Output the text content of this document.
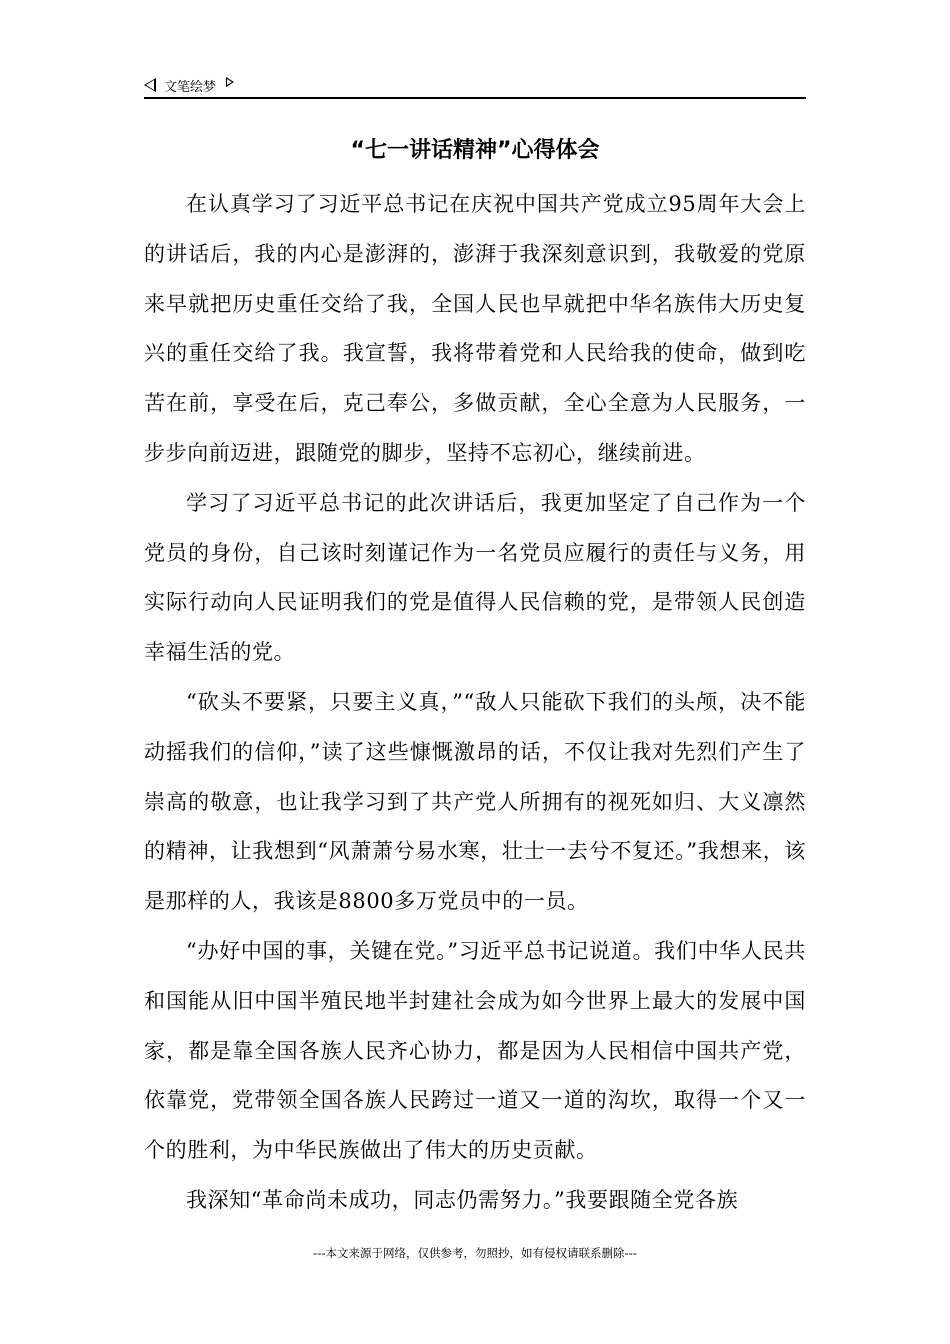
文笔绘梦
“七一讲话精神”心得体会

在认真学习了习近平总书记在庆祝中国共产党成立95周年大会上的讲话后，我的内心是澎湃的，澎湃于我深刻意识到，我敬爱的党原来早就把历史重任交给了我，全国人民也早就把中华名族伟大历史复兴的重任交给了我。我宣誓，我将带着党和人民给我的使命，做到吃苦在前，享受在后，克己奉公，多做贡献，全心全意为人民服务，一步步向前迈进，跟随党的脚步，坚持不忘初心，继续前进。

学习了习近平总书记的此次讲话后，我更加坚定了自己作为一个党员的身份，自己该时刻谨记作为一名党员应履行的责任与义务，用实际行动向人民证明我们的党是值得人民信赖的党，是带领人民创造幸福生活的党。

“砍头不要紧，只要主义真，”“敌人只能砍下我们的头颅，决不能动摇我们的信仰，”读了这些慷慨激昂的话，不仅让我对先烈们产生了崇高的敬意，也让我学习到了共产党人所拥有的视死如归、大义凛然的精神，让我想到“风萧萧兮易水寒，壮士一去兮不复还。”我想来，该是那样的人，我该是8800多万党员中的一员。

“办好中国的事，关键在党。”习近平总书记说道。我们中华人民共和国能从旧中国半殖民地半封建社会成为如今世界上最大的发展中国家，都是靠全国各族人民齐心协力，都是因为人民相信中国共产党，依靠党，党带领全国各族人民跨过一道又一道的沟坎，取得一个又一个的胜利，为中华民族做出了伟大的历史贡献。

我深知“革命尚未成功，同志仍需努力。”我要跟随全党各族

---本文来源于网络，仅供参考，勿照抄，如有侵权请联系删除---
